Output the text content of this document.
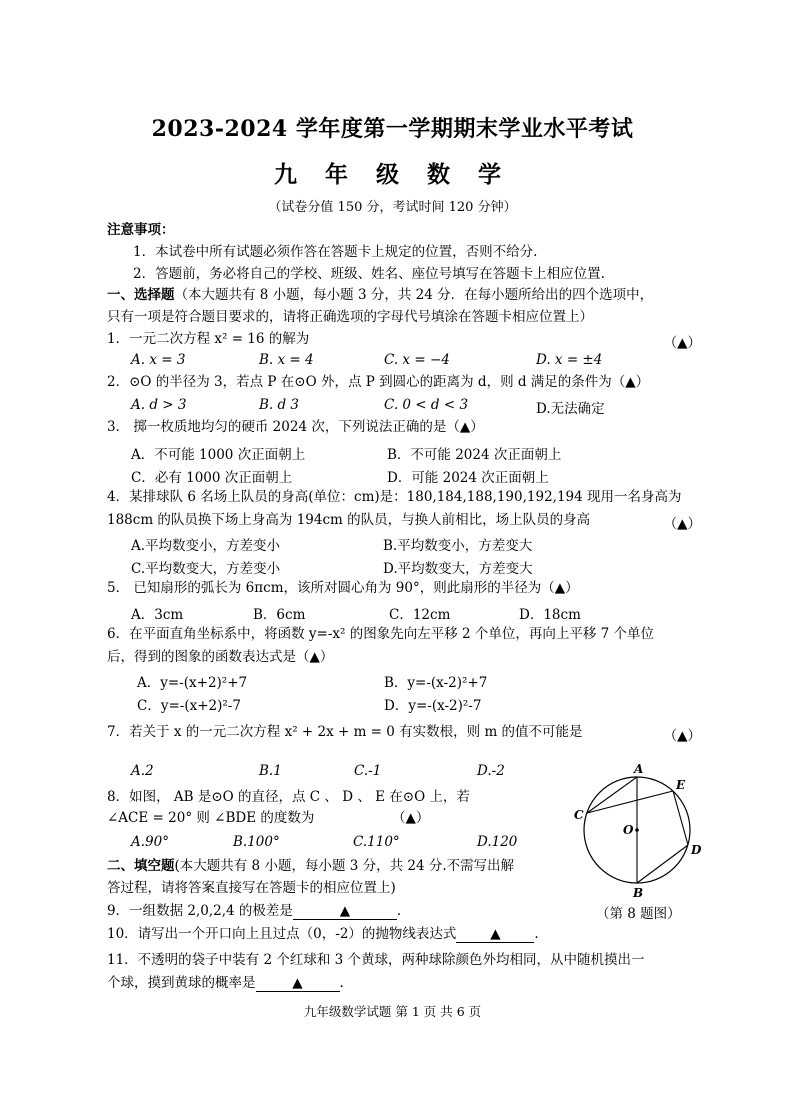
2023-2024 学年度第一学期期末学业水平考试
九 年 级 数 学
（试卷分值 150 分，考试时间 120 分钟）
注意事项：
1．本试卷中所有试题必须作答在答题卡上规定的位置，否则不给分.
2．答题前，务必将自己的学校、班级、姓名、座位号填写在答题卡上相应位置.
一、选择题（本大题共有 8 小题，每小题 3 分，共 24 分．在每小题所给出的四个选项中，
只有一项是符合题目要求的，请将正确选项的字母代号填涂在答题卡相应位置上）
1．一元二次方程 x² = 16 的解为	（▲）
A. x = 3	B. x = 4	C. x = −4	D. x = ±4
2．⊙O 的半径为 3，若点 P 在⊙O 外，点 P 到圆心的距离为 d，则 d 满足的条件为（▲）
A. d > 3	B. d 3	C. 0 < d < 3	D.无法确定
3． 掷一枚质地均匀的硬币 2024 次，下列说法正确的是（▲）
A．不可能 1000 次正面朝上	B．不可能 2024 次正面朝上
C．必有 1000 次正面朝上	D．可能 2024 次正面朝上
4．某排球队 6 名场上队员的身高(单位：cm)是：180,184,188,190,192,194 现用一名身高为
188cm 的队员换下场上身高为 194cm 的队员，与换人前相比，场上队员的身高	（▲）
A.平均数变小，方差变小	B.平均数变小，方差变大
C.平均数变大，方差变小	D.平均数变大，方差变大
5． 已知扇形的弧长为 6πcm，该所对圆心角为 90°，则此扇形的半径为（▲）
A．3cm	B．6cm	C．12cm	D．18cm
6．在平面直角坐标系中，将函数 y=-x² 的图象先向左平移 2 个单位，再向上平移 7 个单位
后，得到的图象的函数表达式是（▲）
A．y=-(x+2)²+7	B．y=-(x-2)²+7
C．y=-(x+2)²-7	D．y=-(x-2)²-7
7．若关于 x 的一元二次方程 x² + 2x + m = 0 有实数根，则 m 的值不可能是	（▲）
A.2	B.1	C.-1	D.-2
8．如图， AB 是⊙O 的直径，点 C 、 D 、 E 在⊙O 上，若
∠ACE = 20° 则 ∠BDE 的度数为	（▲）
A.90°	B.100°	C.110°	D.120
A
E
C
O
D
B
（第 8 题图）
二、填空题(本大题共有 8 小题，每小题 3 分，共 24 分.不需写出解
答过程，请将答案直接写在答题卡的相应位置上)
9．一组数据 2,0,2,4 的极差是	▲	.
10．请写出一个开口向上且过点（0，-2）的抛物线表达式	▲	.
11．不透明的袋子中装有 2 个红球和 3 个黄球，两种球除颜色外均相同，从中随机摸出一
个球，摸到黄球的概率是	▲	.
九年级数学试题 第 1 页 共 6 页
